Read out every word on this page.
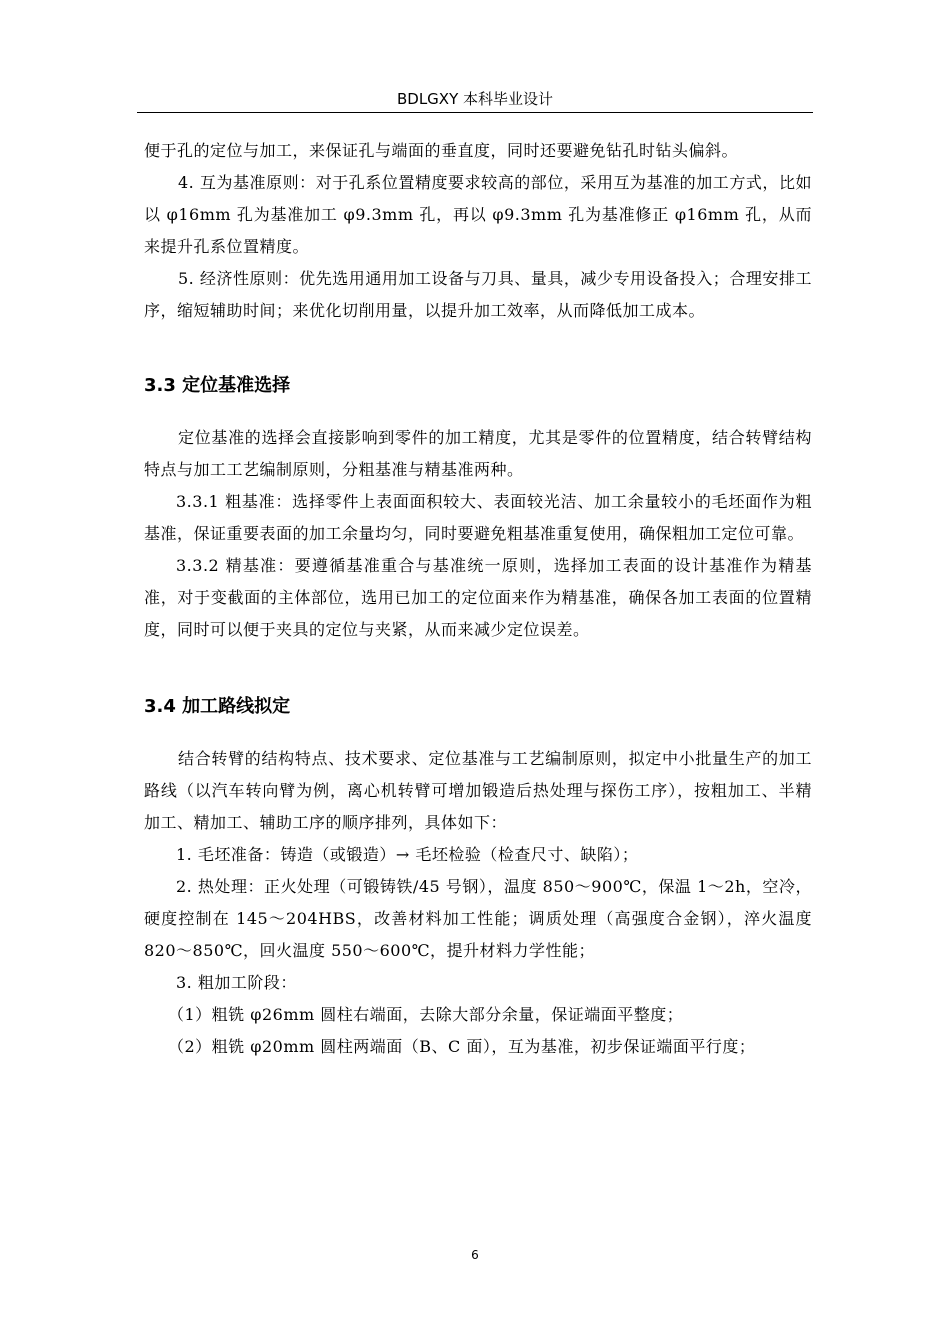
BDLGXY 本科毕业设计

便于孔的定位与加工，来保证孔与端面的垂直度，同时还要避免钻孔时钻头偏斜。

4. 互为基准原则：对于孔系位置精度要求较高的部位，采用互为基准的加工方式，比如以 φ16mm 孔为基准加工 φ9.3mm 孔，再以 φ9.3mm 孔为基准修正 φ16mm 孔，从而来提升孔系位置精度。

5. 经济性原则：优先选用通用加工设备与刀具、量具，减少专用设备投入；合理安排工序，缩短辅助时间；来优化切削用量，以提升加工效率，从而降低加工成本。

3.3 定位基准选择

定位基准的选择会直接影响到零件的加工精度，尤其是零件的位置精度，结合转臂结构特点与加工工艺编制原则，分粗基准与精基准两种。

3.3.1 粗基准：选择零件上表面面积较大、表面较光洁、加工余量较小的毛坯面作为粗基准，保证重要表面的加工余量均匀，同时要避免粗基准重复使用，确保粗加工定位可靠。

3.3.2 精基准：要遵循基准重合与基准统一原则，选择加工表面的设计基准作为精基准，对于变截面的主体部位，选用已加工的定位面来作为精基准，确保各加工表面的位置精度，同时可以便于夹具的定位与夹紧，从而来减少定位误差。

3.4 加工路线拟定

结合转臂的结构特点、技术要求、定位基准与工艺编制原则，拟定中小批量生产的加工路线（以汽车转向臂为例，离心机转臂可增加锻造后热处理与探伤工序），按粗加工、半精加工、精加工、辅助工序的顺序排列，具体如下：

1. 毛坯准备：铸造（或锻造）→ 毛坯检验（检查尺寸、缺陷）；

2. 热处理：正火处理（可锻铸铁/45 号钢），温度 850～900℃，保温 1～2h，空冷，硬度控制在 145～204HBS，改善材料加工性能；调质处理（高强度合金钢），淬火温度 820～850℃，回火温度 550～600℃，提升材料力学性能；

3. 粗加工阶段：

（1）粗铣 φ26mm 圆柱右端面，去除大部分余量，保证端面平整度；

（2）粗铣 φ20mm 圆柱两端面（B、C 面），互为基准，初步保证端面平行度；

6
